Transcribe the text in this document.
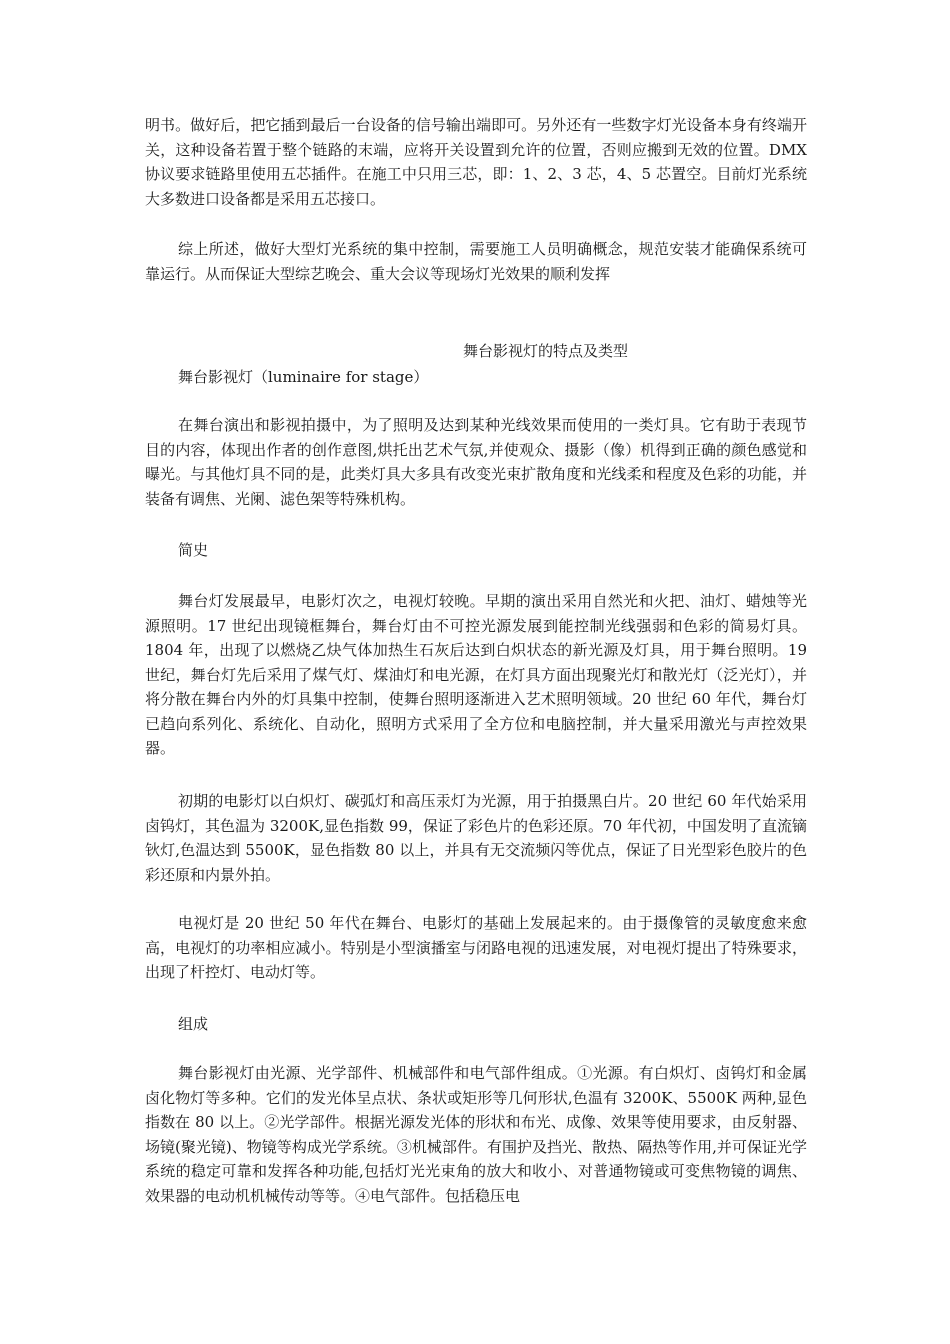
明书。做好后，把它插到最后一台设备的信号输出端即可。另外还有一些数字灯光设备本身有终端开关，这种设备若置于整个链路的末端，应将开关设置到允许的位置，否则应搬到无效的位置。DMX 协议要求链路里使用五芯插件。在施工中只用三芯，即：1、2、3 芯，4、5 芯置空。目前灯光系统大多数进口设备都是采用五芯接口。

综上所述，做好大型灯光系统的集中控制，需要施工人员明确概念，规范安装才能确保系统可靠运行。从而保证大型综艺晚会、重大会议等现场灯光效果的顺利发挥

舞台影视灯的特点及类型

舞台影视灯（luminaire for stage）

在舞台演出和影视拍摄中，为了照明及达到某种光线效果而使用的一类灯具。它有助于表现节目的内容，体现出作者的创作意图,烘托出艺术气氛,并使观众、摄影（像）机得到正确的颜色感觉和曝光。与其他灯具不同的是，此类灯具大多具有改变光束扩散角度和光线柔和程度及色彩的功能，并装备有调焦、光阑、滤色架等特殊机构。

简史

舞台灯发展最早，电影灯次之，电视灯较晚。早期的演出采用自然光和火把、油灯、蜡烛等光源照明。17 世纪出现镜框舞台，舞台灯由不可控光源发展到能控制光线强弱和色彩的简易灯具。1804 年，出现了以燃烧乙炔气体加热生石灰后达到白炽状态的新光源及灯具，用于舞台照明。19 世纪，舞台灯先后采用了煤气灯、煤油灯和电光源，在灯具方面出现聚光灯和散光灯（泛光灯），并将分散在舞台内外的灯具集中控制，使舞台照明逐渐进入艺术照明领域。20 世纪 60 年代，舞台灯已趋向系列化、系统化、自动化，照明方式采用了全方位和电脑控制，并大量采用激光与声控效果器。

初期的电影灯以白炽灯、碳弧灯和高压汞灯为光源，用于拍摄黑白片。20 世纪 60 年代始采用卤钨灯，其色温为 3200K,显色指数 99，保证了彩色片的色彩还原。70 年代初，中国发明了直流镝钬灯,色温达到 5500K，显色指数 80 以上，并具有无交流频闪等优点，保证了日光型彩色胶片的色彩还原和内景外拍。

电视灯是 20 世纪 50 年代在舞台、电影灯的基础上发展起来的。由于摄像管的灵敏度愈来愈高，电视灯的功率相应减小。特别是小型演播室与闭路电视的迅速发展，对电视灯提出了特殊要求，出现了杆控灯、电动灯等。

组成

舞台影视灯由光源、光学部件、机械部件和电气部件组成。①光源。有白炽灯、卤钨灯和金属卤化物灯等多种。它们的发光体呈点状、条状或矩形等几何形状,色温有 3200K、5500K 两种,显色指数在 80 以上。②光学部件。根据光源发光体的形状和布光、成像、效果等使用要求，由反射器、场镜(聚光镜)、物镜等构成光学系统。③机械部件。有围护及挡光、散热、隔热等作用,并可保证光学系统的稳定可靠和发挥各种功能,包括灯光光束角的放大和收小、对普通物镜或可变焦物镜的调焦、效果器的电动机机械传动等等。④电气部件。包括稳压电
